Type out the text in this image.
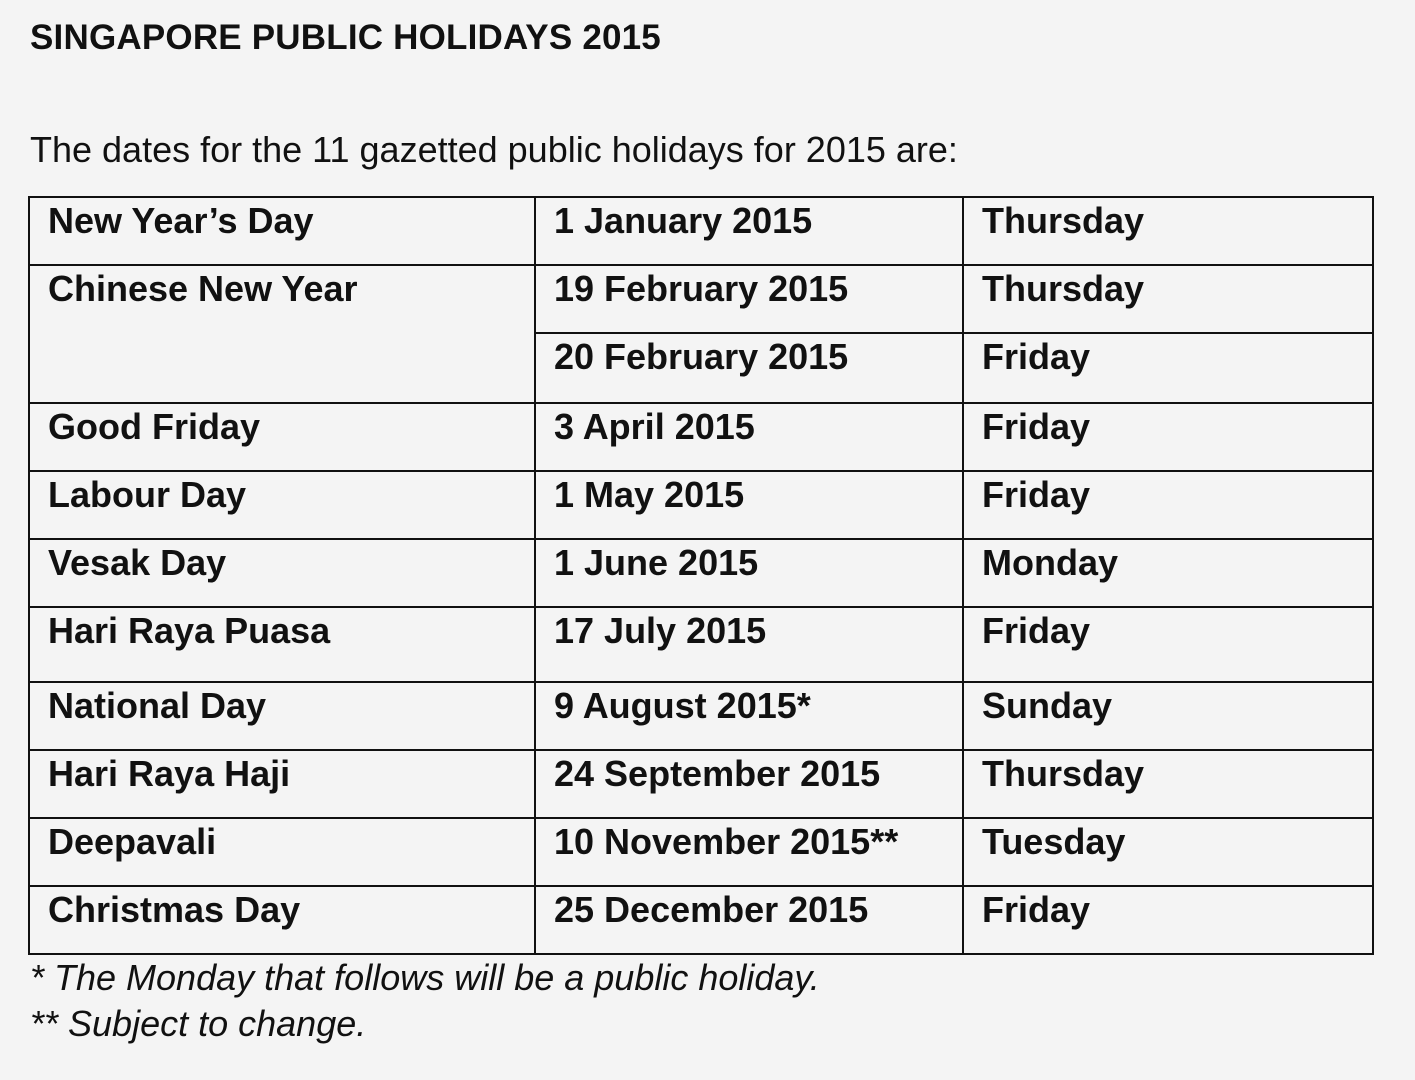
SINGAPORE PUBLIC HOLIDAYS 2015

The dates for the 11 gazetted public holidays for 2015 are:

New Year’s Day	1 January 2015	Thursday
Chinese New Year	19 February 2015	Thursday
	20 February 2015	Friday
Good Friday	3 April 2015	Friday
Labour Day	1 May 2015	Friday
Vesak Day	1 June 2015	Monday
Hari Raya Puasa	17 July 2015	Friday
National Day	9 August 2015*	Sunday
Hari Raya Haji	24 September 2015	Thursday
Deepavali	10 November 2015**	Tuesday
Christmas Day	25 December 2015	Friday
* The Monday that follows will be a public holiday.
** Subject to change.
